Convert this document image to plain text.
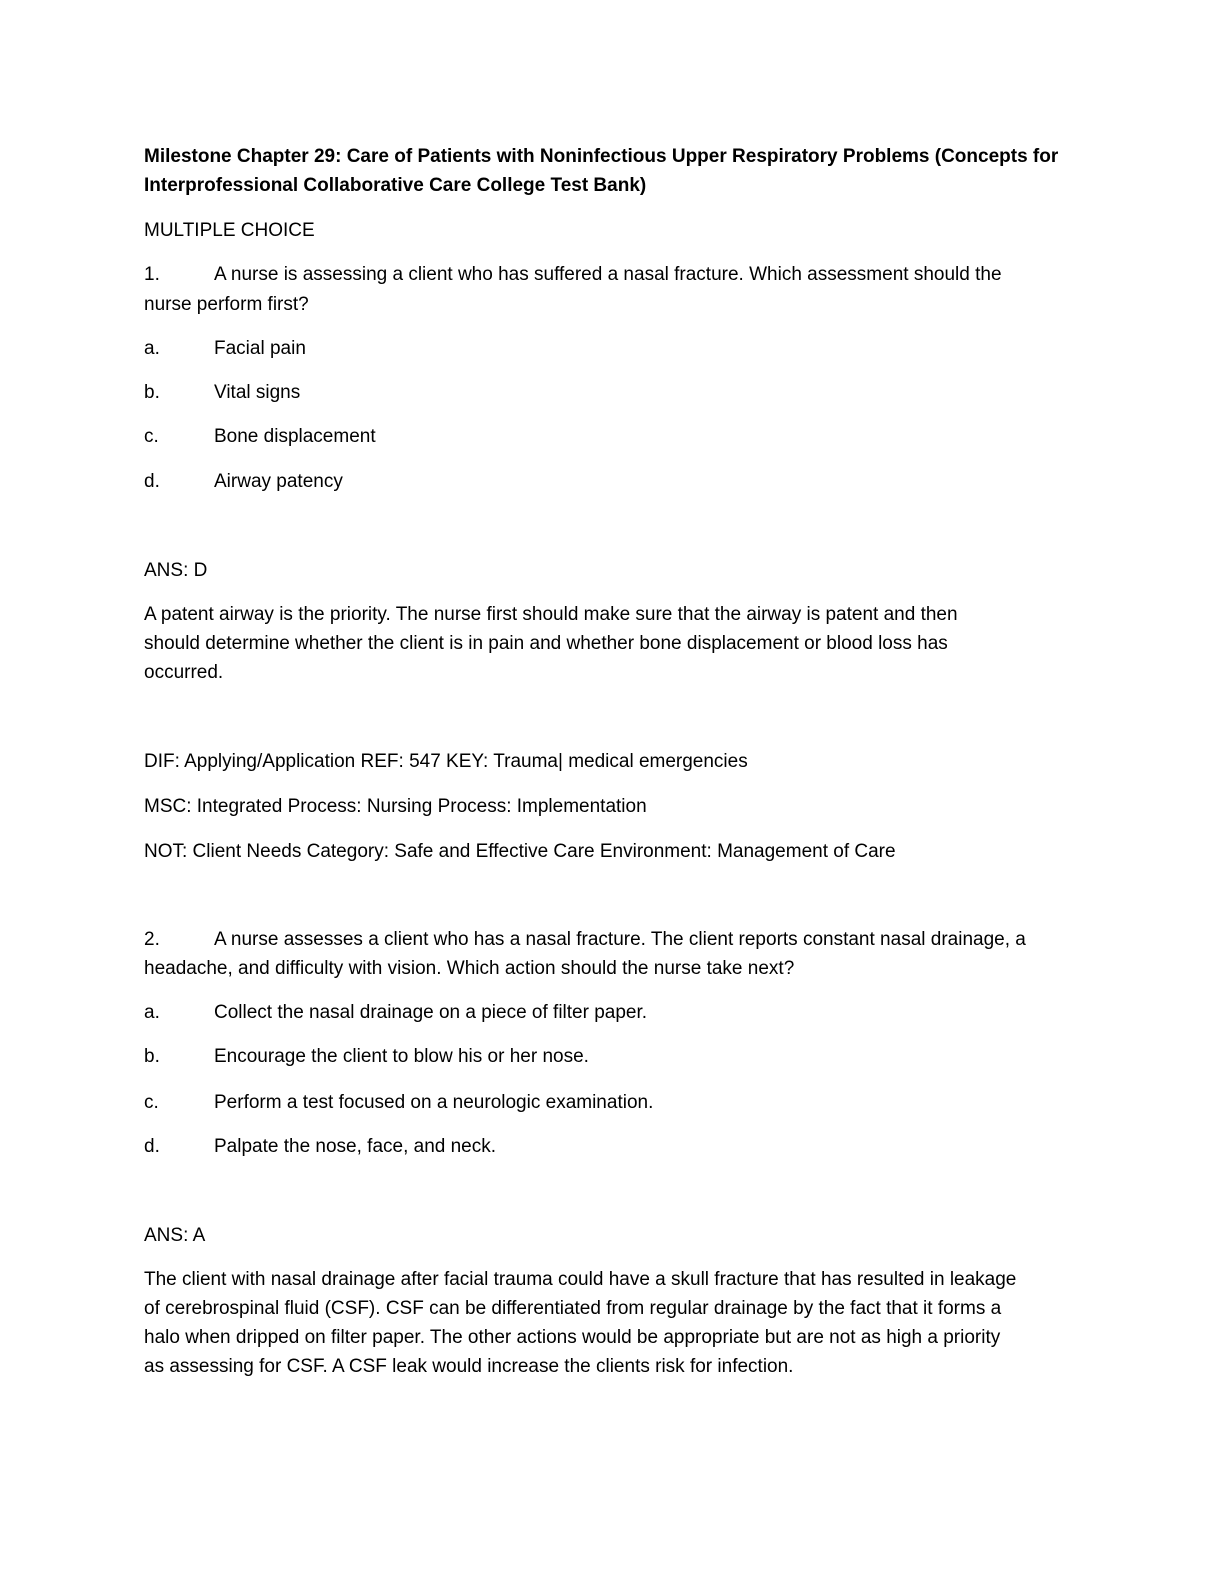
Milestone Chapter 29: Care of Patients with Noninfectious Upper Respiratory Problems (Concepts for
Interprofessional Collaborative Care College Test Bank)
MULTIPLE CHOICE
1.	A nurse is assessing a client who has suffered a nasal fracture. Which assessment should the
nurse perform first?
a.	Facial pain
b.	Vital signs
c.	Bone displacement
d.	Airway patency
ANS: D
A patent airway is the priority. The nurse first should make sure that the airway is patent and then
should determine whether the client is in pain and whether bone displacement or blood loss has
occurred.
DIF: Applying/Application REF: 547 KEY: Trauma| medical emergencies
MSC: Integrated Process: Nursing Process: Implementation
NOT: Client Needs Category: Safe and Effective Care Environment: Management of Care
2.	A nurse assesses a client who has a nasal fracture. The client reports constant nasal drainage, a
headache, and difficulty with vision. Which action should the nurse take next?
a.	Collect the nasal drainage on a piece of filter paper.
b.	Encourage the client to blow his or her nose.
c.	Perform a test focused on a neurologic examination.
d.	Palpate the nose, face, and neck.
ANS: A
The client with nasal drainage after facial trauma could have a skull fracture that has resulted in leakage
of cerebrospinal fluid (CSF). CSF can be differentiated from regular drainage by the fact that it forms a
halo when dripped on filter paper. The other actions would be appropriate but are not as high a priority
as assessing for CSF. A CSF leak would increase the clients risk for infection.
